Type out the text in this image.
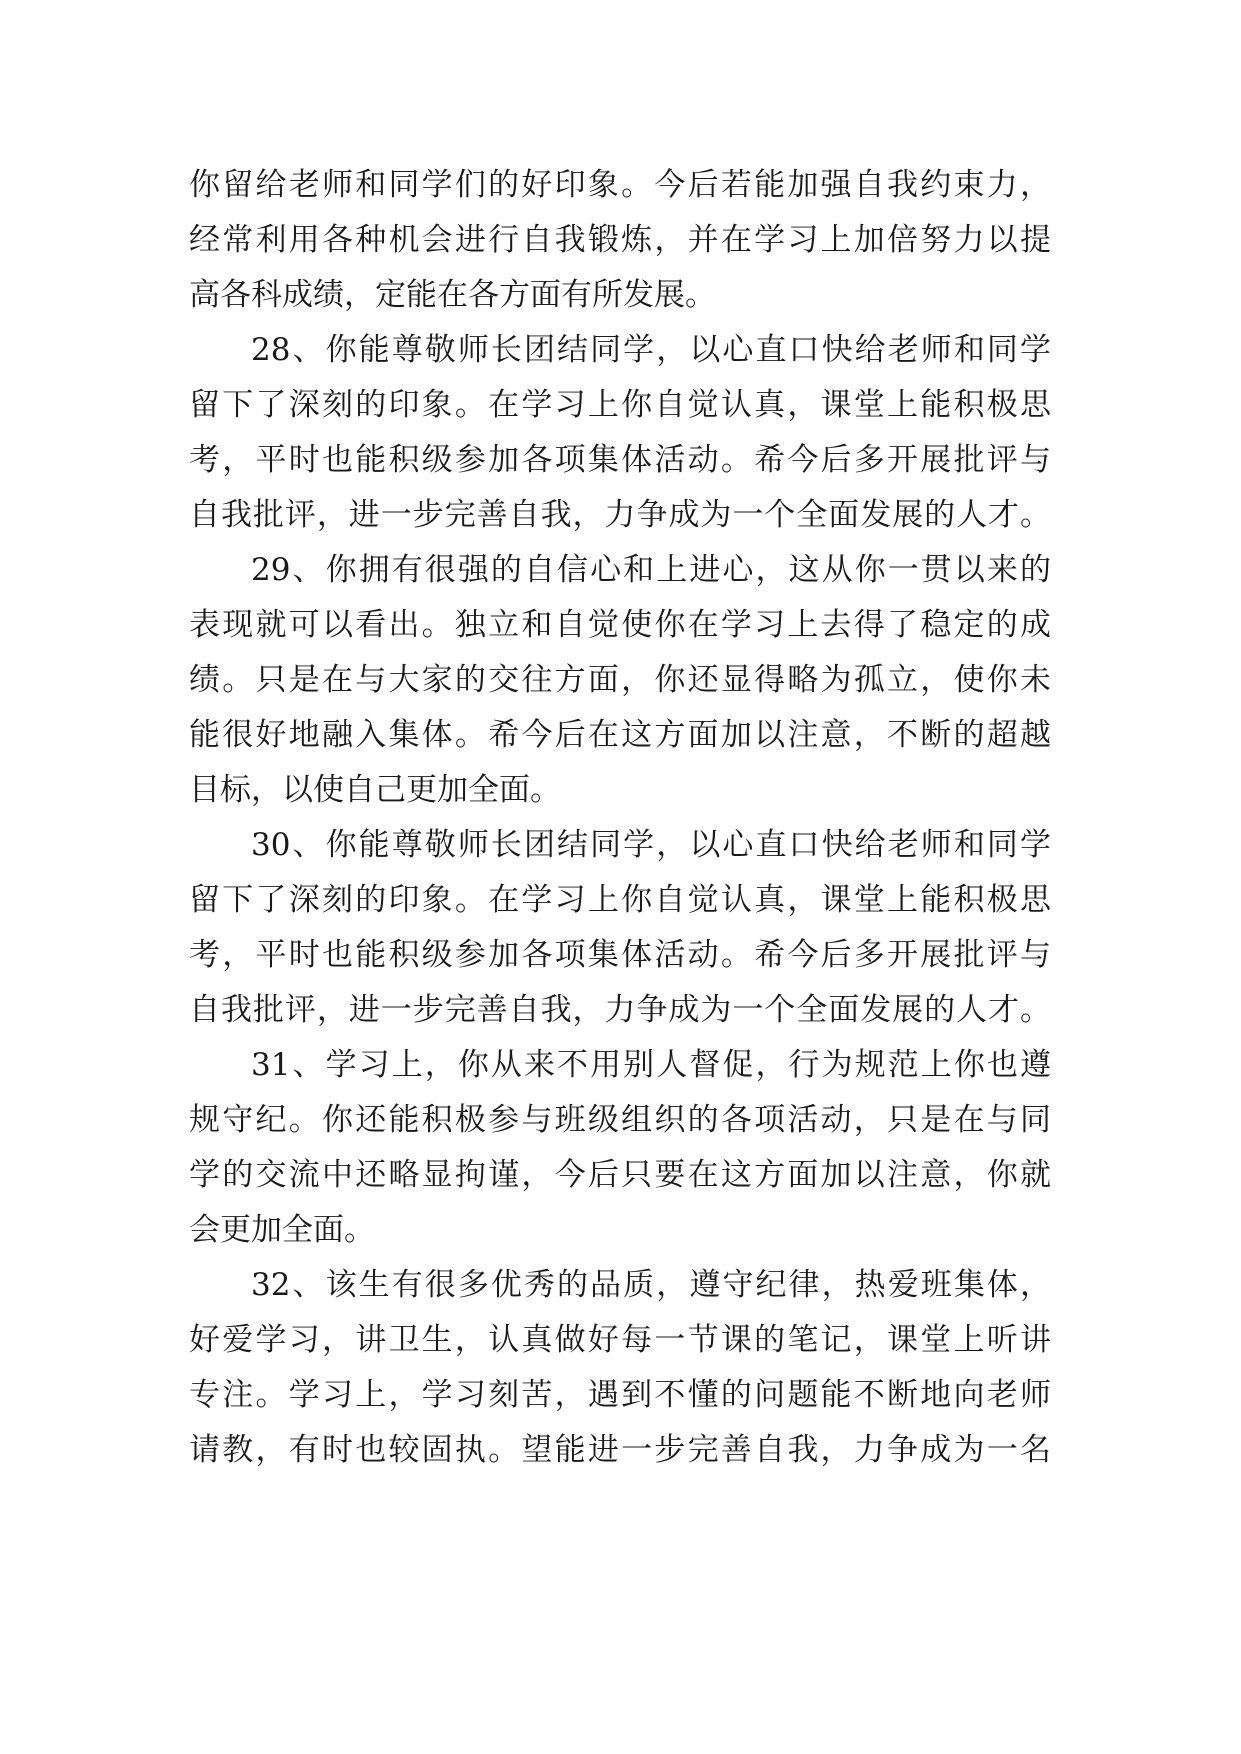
你留给老师和同学们的好印象。今后若能加强自我约束力，
经常利用各种机会进行自我锻炼，并在学习上加倍努力以提
高各科成绩，定能在各方面有所发展。
28、你能尊敬师长团结同学，以心直口快给老师和同学
留下了深刻的印象。在学习上你自觉认真，课堂上能积极思
考，平时也能积级参加各项集体活动。希今后多开展批评与
自我批评，进一步完善自我，力争成为一个全面发展的人才。
29、你拥有很强的自信心和上进心，这从你一贯以来的
表现就可以看出。独立和自觉使你在学习上去得了稳定的成
绩。只是在与大家的交往方面，你还显得略为孤立，使你未
能很好地融入集体。希今后在这方面加以注意，不断的超越
目标，以使自己更加全面。
30、你能尊敬师长团结同学，以心直口快给老师和同学
留下了深刻的印象。在学习上你自觉认真，课堂上能积极思
考，平时也能积级参加各项集体活动。希今后多开展批评与
自我批评，进一步完善自我，力争成为一个全面发展的人才。
31、学习上，你从来不用别人督促，行为规范上你也遵
规守纪。你还能积极参与班级组织的各项活动，只是在与同
学的交流中还略显拘谨，今后只要在这方面加以注意，你就
会更加全面。
32、该生有很多优秀的品质，遵守纪律，热爱班集体，
好爱学习，讲卫生，认真做好每一节课的笔记，课堂上听讲
专注。学习上，学习刻苦，遇到不懂的问题能不断地向老师
请教，有时也较固执。望能进一步完善自我，力争成为一名
